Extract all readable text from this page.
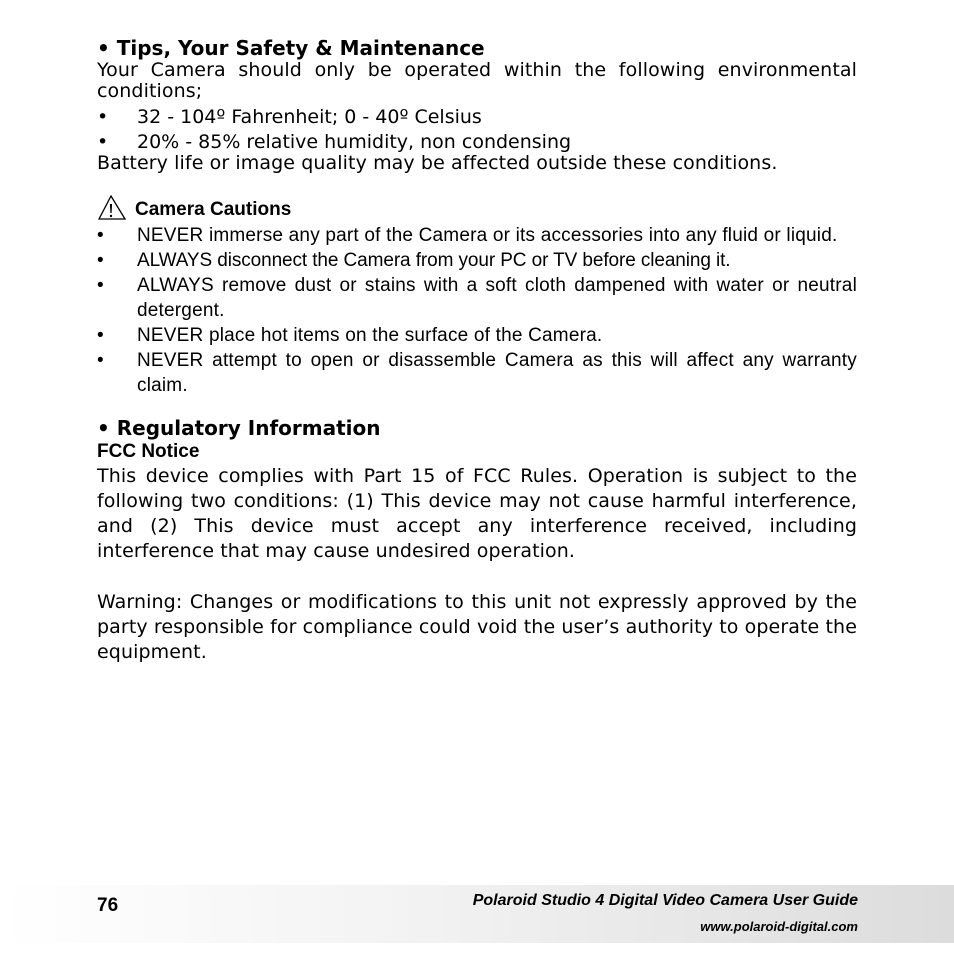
• Tips, Your Safety & Maintenance

Your Camera should only be operated within the following environmental conditions;

•	32 - 104º Fahrenheit; 0 - 40º Celsius
•	20% - 85% relative humidity, non condensing

Battery life or image quality may be affected outside these conditions.

Camera Cautions
•	NEVER immerse any part of the Camera or its accessories into any fluid or liquid.
•	ALWAYS disconnect the Camera from your PC or TV before cleaning it.
•	ALWAYS remove dust or stains with a soft cloth dampened with water or neutral detergent.
•	NEVER place hot items on the surface of the Camera.
•	NEVER attempt to open or disassemble Camera as this will affect any warranty claim.
• Regulatory Information

FCC Notice

This device complies with Part 15 of FCC Rules. Operation is subject to the following two conditions: (1) This device may not cause harmful interference, and (2) This device must accept any interference received, including interference that may cause undesired operation.

Warning: Changes or modifications to this unit not expressly approved by the party responsible for compliance could void the user’s authority to operate the equipment.

76	Polaroid Studio 4 Digital Video Camera User Guide
www.polaroid-digital.com
